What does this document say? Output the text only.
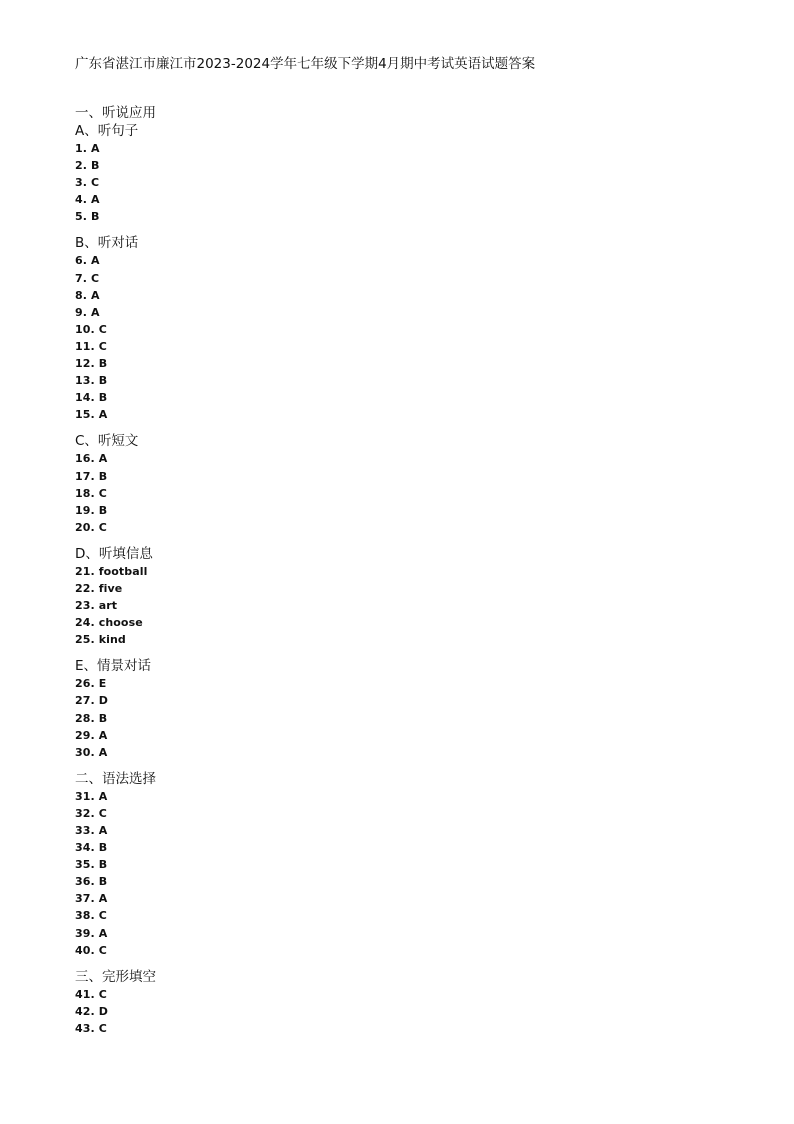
广东省湛江市廉江市2023-2024学年七年级下学期4月期中考试英语试题答案
一、听说应用
A、听句子
1. A
2. B
3. C
4. A
5. B
B、听对话
6. A
7. C
8. A
9. A
10. C
11. C
12. B
13. B
14. B
15. A
C、听短文
16. A
17. B
18. C
19. B
20. C
D、听填信息
21. football
22. five
23. art
24. choose
25. kind
E、情景对话
26. E
27. D
28. B
29. A
30. A
二、语法选择
31. A
32. C
33. A
34. B
35. B
36. B
37. A
38. C
39. A
40. C
三、完形填空
41. C
42. D
43. C
